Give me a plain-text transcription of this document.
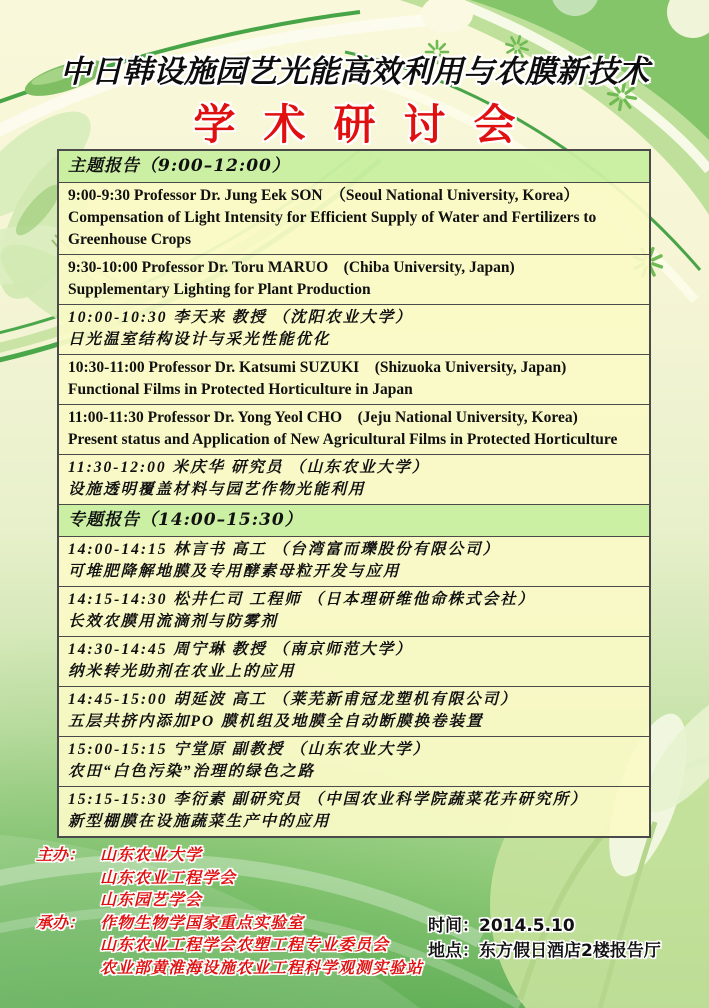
中日韩设施园艺光能高效利用与农膜新技术
学术研讨会
主题报告（9:00–12:00）
9:00-9:30 Professor Dr. Jung Eek SON　（Seoul National University, Korea）
Compensation of Light Intensity for Efficient Supply of Water and Fertilizers to Greenhouse Crops
9:30-10:00 Professor Dr. Toru MARUO　(Chiba University, Japan)
Supplementary Lighting for Plant Production
10:00-10:30 李天来 教授 （沈阳农业大学）
日光温室结构设计与采光性能优化
10:30-11:00 Professor Dr. Katsumi SUZUKI　(Shizuoka University, Japan)
Functional Films in Protected Horticulture in Japan
11:00-11:30 Professor Dr. Yong Yeol CHO　(Jeju National University, Korea)
Present status and Application of New Agricultural Films in Protected Horticulture
11:30-12:00 米庆华 研究员 （山东农业大学）
设施透明覆盖材料与园艺作物光能利用
专题报告（14:00–15:30）
14:00-14:15 林言书 高工 （台湾富而瓅股份有限公司）
可堆肥降解地膜及专用酵素母粒开发与应用
14:15-14:30 松井仁司 工程师 （日本理研维他命株式会社）
长效农膜用流滴剂与防雾剂
14:30-14:45 周宁琳 教授 （南京师范大学）
纳米转光助剂在农业上的应用
14:45-15:00 胡延波 高工 （莱芜新甫冠龙塑机有限公司）
五层共挤内添加PO 膜机组及地膜全自动断膜换卷装置
15:00-15:15 宁堂原 副教授 （山东农业大学）
农田“白色污染”治理的绿色之路
15:15-15:30 李衍素 副研究员 （中国农业科学院蔬菜花卉研究所）
新型棚膜在设施蔬菜生产中的应用
主办： 山东农业大学
山东农业工程学会
山东园艺学会
承办： 作物生物学国家重点实验室
山东农业工程学会农塑工程专业委员会
农业部黄淮海设施农业工程科学观测实验站
时间：2014.5.10
地点：东方假日酒店2楼报告厅
